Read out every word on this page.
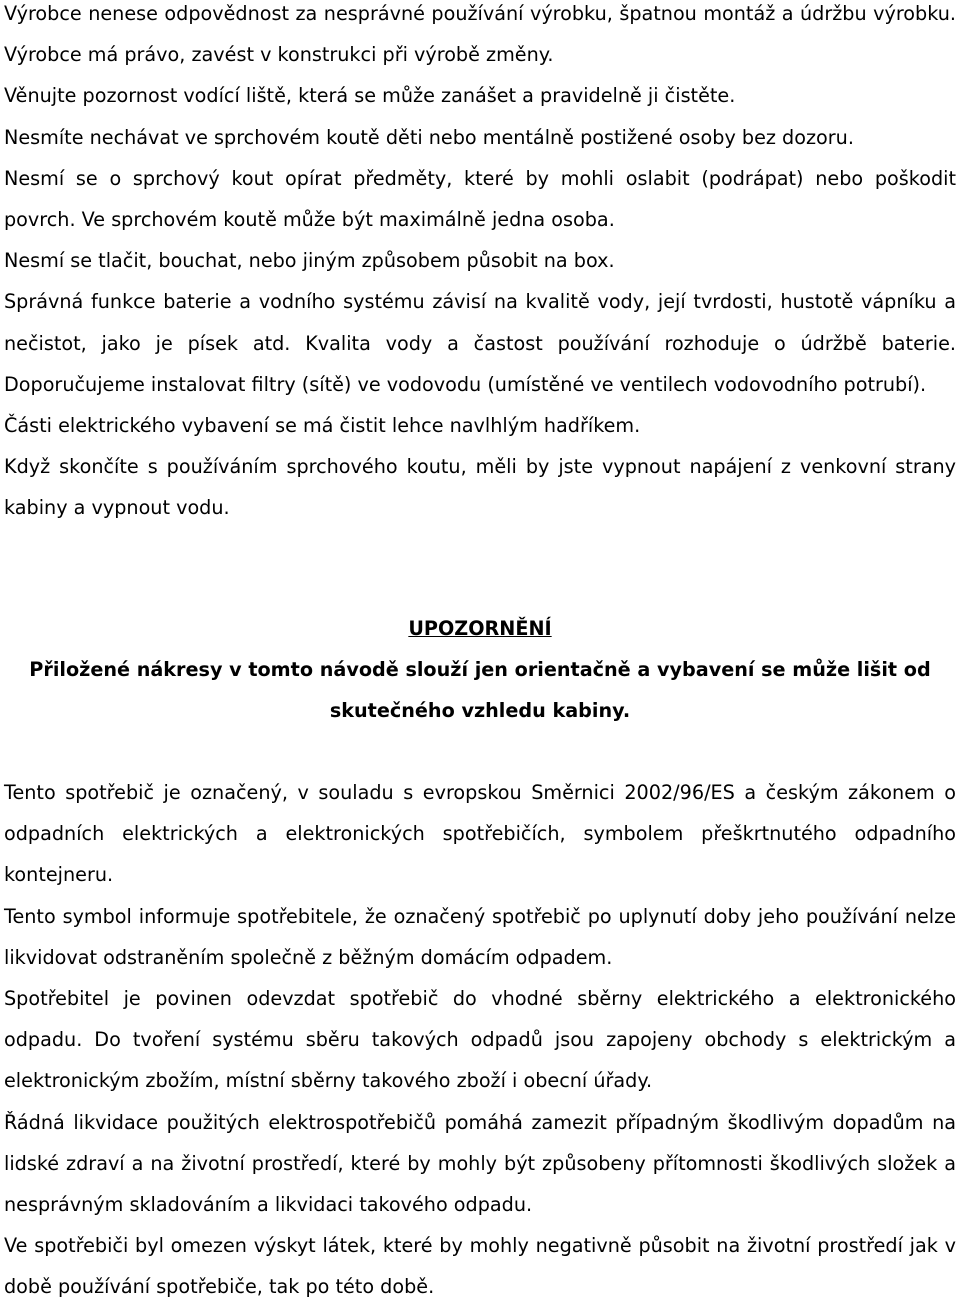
Výrobce nenese odpovědnost za nesprávné používání výrobku, špatnou montáž a údržbu výrobku. Výrobce má právo, zavést v konstrukci při výrobě změny.

Věnujte pozornost vodící liště, která se může zanášet a pravidelně ji čistěte.

Nesmíte nechávat ve sprchovém koutě děti nebo mentálně postižené osoby bez dozoru.

Nesmí se o sprchový kout opírat předměty, které by mohli oslabit (podrápat) nebo poškodit povrch. Ve sprchovém koutě může být maximálně jedna osoba.

Nesmí se tlačit, bouchat, nebo jiným způsobem působit na box.

Správná funkce baterie a vodního systému závisí na kvalitě vody, její tvrdosti, hustotě vápníku a nečistot, jako je písek atd. Kvalita vody a častost používání rozhoduje o údržbě baterie. Doporučujeme instalovat filtry (sítě) ve vodovodu (umístěné ve ventilech vodovodního potrubí).

Části elektrického vybavení se má čistit lehce navlhlým hadříkem.

Když skončíte s používáním sprchového koutu, měli by jste vypnout napájení z venkovní strany kabiny a vypnout vodu.

UPOZORNĚNÍ

Přiložené nákresy v tomto návodě slouží jen orientačně a vybavení se může lišit od skutečného vzhledu kabiny.

Tento spotřebič je označený, v souladu s evropskou Směrnici 2002/96/ES a českým zákonem o odpadních elektrických a elektronických spotřebičích, symbolem přeškrtnutého odpadního kontejneru.

Tento symbol informuje spotřebitele, že označený spotřebič po uplynutí doby jeho používání nelze likvidovat odstraněním společně z běžným domácím odpadem.

Spotřebitel je povinen odevzdat spotřebič do vhodné sběrny elektrického a elektronického odpadu. Do tvoření systému sběru takových odpadů jsou zapojeny obchody s elektrickým a elektronickým zbožím, místní sběrny takového zboží i obecní úřady.

Řádná likvidace použitých elektrospotřebičů pomáhá zamezit případným škodlivým dopadům na lidské zdraví a na životní prostředí, které by mohly být způsobeny přítomnosti škodlivých složek a nesprávným skladováním a likvidaci takového odpadu.

Ve spotřebiči byl omezen výskyt látek, které by mohly negativně působit na životní prostředí jak v době používání spotřebiče, tak po této době.
